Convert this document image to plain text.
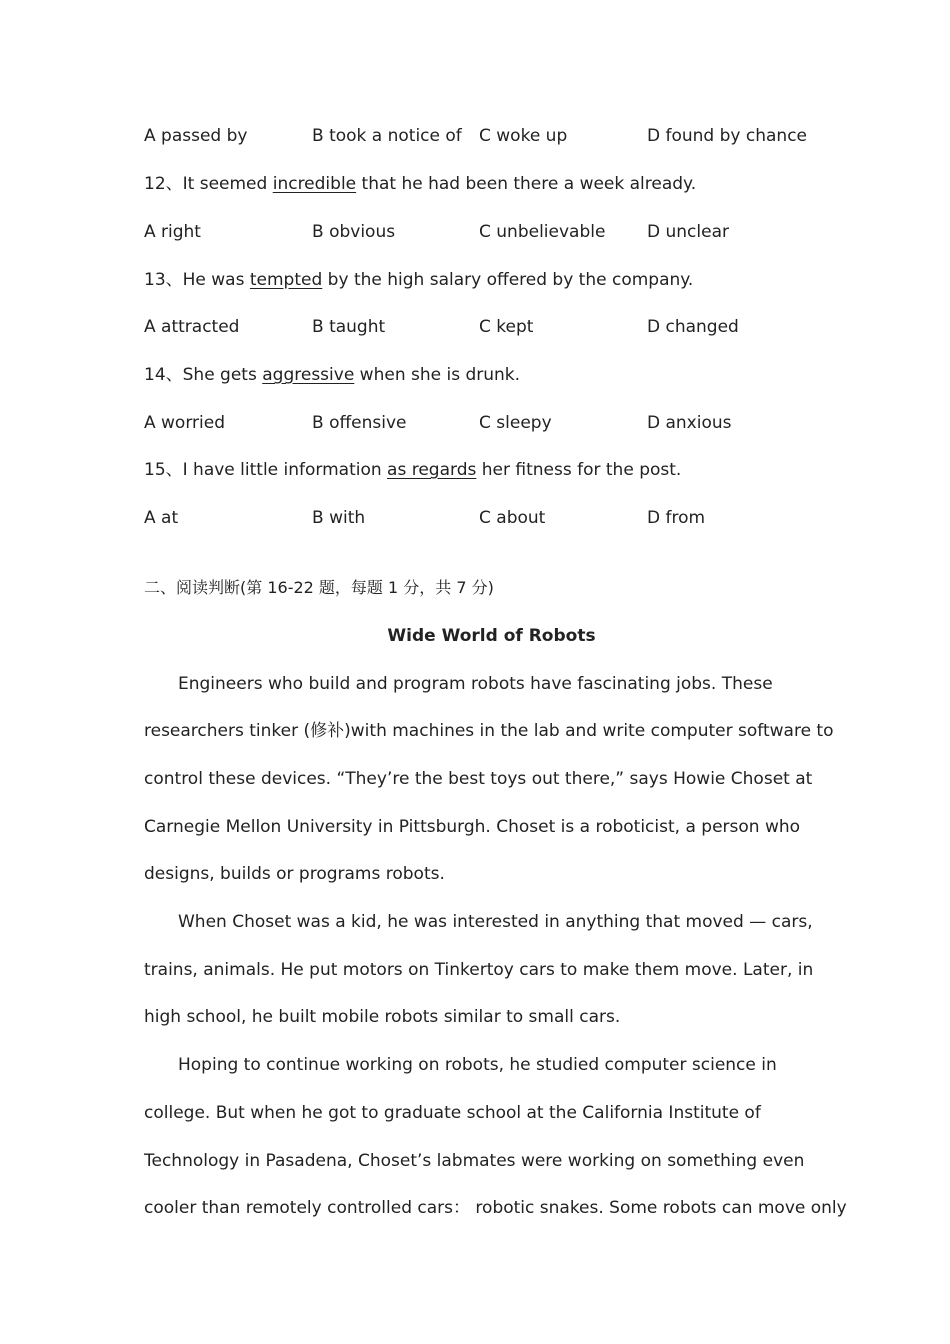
A passed by	B took a notice of C woke up	D found by chance
12、It seemed incredible that he had been there a week already.
A right	B obvious	C unbelievable D unclear
13、He was tempted by the high salary offered by the company.
A attracted	B taught	C kept	D changed
14、She gets aggressive when she is drunk.
A worried	B offensive	C sleepy	D anxious
15、I have little information as regards her fitness for the post.
A at	B with	C about	D from
二、阅读判断(第 16-22 题，每题 1 分，共 7 分)
Wide World of Robots
Engineers who build and program robots have fascinating jobs. These
researchers tinker (修补)with machines in the lab and write computer software to
control these devices. “They’re the best toys out there,” says Howie Choset at
Carnegie Mellon University in Pittsburgh. Choset is a roboticist, a person who
designs, builds or programs robots.
When Choset was a kid, he was interested in anything that moved — cars,
trains, animals. He put motors on Tinkertoy cars to make them move. Later, in
high school, he built mobile robots similar to small cars.
Hoping to continue working on robots, he studied computer science in
college. But when he got to graduate school at the California Institute of
Technology in Pasadena, Choset’s labmates were working on something even
cooler than remotely controlled cars： robotic snakes. Some robots can move only
